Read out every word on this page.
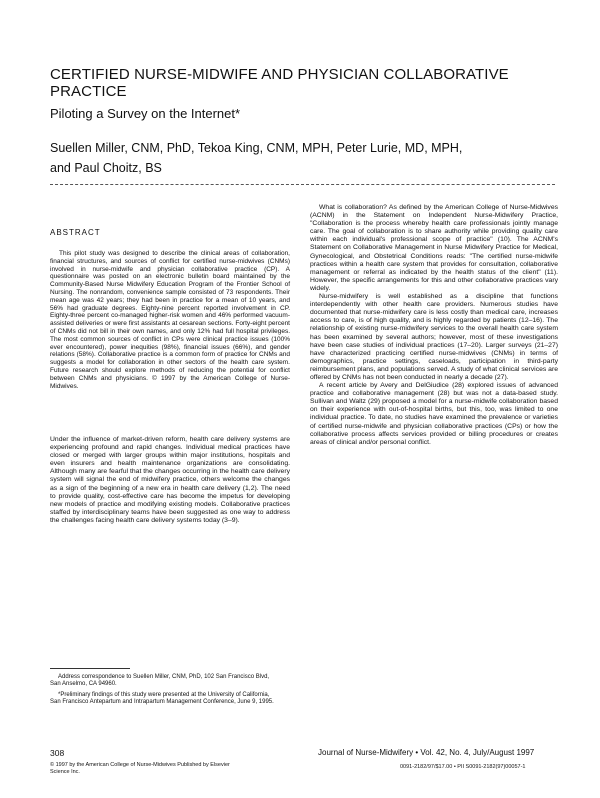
CERTIFIED NURSE-MIDWIFE AND PHYSICIAN COLLABORATIVE PRACTICE
Piloting a Survey on the Internet*
Suellen Miller, CNM, PhD, Tekoa King, CNM, MPH, Peter Lurie, MD, MPH,
and Paul Choitz, BS
ABSTRACT

This pilot study was designed to describe the clinical areas of collaboration, financial structures, and sources of conflict for certified nurse-midwives (CNMs) involved in nurse-midwife and physician collaborative practice (CP). A questionnaire was posted on an electronic bulletin board maintained by the Community-Based Nurse Midwifery Education Program of the Frontier School of Nursing. The nonrandom, convenience sample consisted of 73 respondents. Their mean age was 42 years; they had been in practice for a mean of 10 years, and 56% had graduate degrees. Eighty-nine percent reported involvement in CP. Eighty-three percent co-managed higher-risk women and 46% performed vacuum-assisted deliveries or were first assistants at cesarean sections. Forty-eight percent of CNMs did not bill in their own names, and only 12% had full hospital privileges. The most common sources of conflict in CPs were clinical practice issues (100% ever encountered), power inequities (98%), financial issues (66%), and gender relations (58%). Collaborative practice is a common form of practice for CNMs and suggests a model for collaboration in other sectors of the health care system. Future research should explore methods of reducing the potential for conflict between CNMs and physicians. © 1997 by the American College of Nurse-Midwives.

Under the influence of market-driven reform, health care delivery systems are experiencing profound and rapid changes. Individual medical practices have closed or merged with larger groups within major institutions, hospitals and even insurers and health maintenance organizations are consolidating. Although many are fearful that the changes occurring in the health care delivery system will signal the end of midwifery practice, others welcome the changes as a sign of the beginning of a new era in health care delivery (1,2). The need to provide quality, cost-effective care has become the impetus for developing new models of practice and modifying existing models. Collaborative practices staffed by interdisciplinary teams have been suggested as one way to address the challenges facing health care delivery systems today (3–9).

Address correspondence to Suellen Miller, CNM, PhD, 102 San Francisco Blvd, San Anselmo, CA 94960.

*Preliminary findings of this study were presented at the University of California, San Francisco Antepartum and Intrapartum Management Conference, June 9, 1995.

What is collaboration? As defined by the American College of Nurse-Midwives (ACNM) in the Statement on Independent Nurse-Midwifery Practice, "Collaboration is the process whereby health care professionals jointly manage care. The goal of collaboration is to share authority while providing quality care within each individual's professional scope of practice" (10). The ACNM's Statement on Collaborative Management in Nurse Midwifery Practice for Medical, Gynecological, and Obstetrical Conditions reads: "The certified nurse-midwife practices within a health care system that provides for consultation, collaborative management or referral as indicated by the health status of the client" (11). However, the specific arrangements for this and other collaborative practices vary widely.

Nurse-midwifery is well established as a discipline that functions interdependently with other health care providers. Numerous studies have documented that nurse-midwifery care is less costly than medical care, increases access to care, is of high quality, and is highly regarded by patients (12–16). The relationship of existing nurse-midwifery services to the overall health care system has been examined by several authors; however, most of these investigations have been case studies of individual practices (17–20). Larger surveys (21–27) have characterized practicing certified nurse-midwives (CNMs) in terms of demographics, practice settings, caseloads, participation in third-party reimbursement plans, and populations served. A study of what clinical services are offered by CNMs has not been conducted in nearly a decade (27).

A recent article by Avery and DelGiudice (28) explored issues of advanced practice and collaborative management (28) but was not a data-based study. Sullivan and Waltz (29) proposed a model for a nurse-midwife collaboration based on their experience with out-of-hospital births, but this, too, was limited to one individual practice. To date, no studies have examined the prevalence or varieties of certified nurse-midwife and physician collaborative practices (CPs) or how the collaborative process affects services provided or billing procedures or creates areas of clinical and/or personal conflict.

308	Journal of Nurse-Midwifery • Vol. 42, No. 4, July/August 1997
© 1997 by the American College of Nurse-Midwives Published by Elsevier Science Inc.
0091-2182/97/$17.00 • PII S0091-2182(97)00057-1
